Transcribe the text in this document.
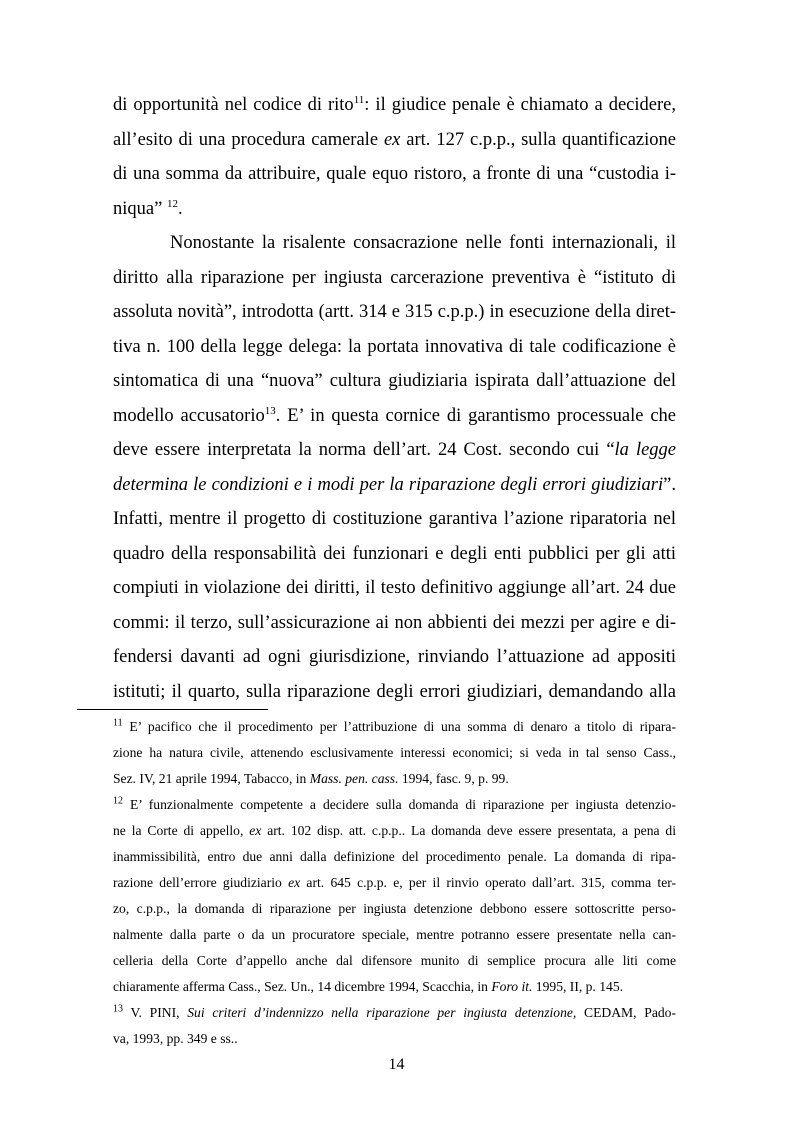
di opportunità nel codice di rito$^{11}$: il giudice penale è chiamato a decidere,
all’esito di una procedura camerale ex art. 127 c.p.p., sulla quantificazione
di una somma da attribuire, quale equo ristoro, a fronte di una “custodia i-
niqua” $^{12}$.
Nonostante la risalente consacrazione nelle fonti internazionali, il
diritto alla riparazione per ingiusta carcerazione preventiva è “istituto di
assoluta novità”, introdotta (artt. 314 e 315 c.p.p.) in esecuzione della diret-
tiva n. 100 della legge delega: la portata innovativa di tale codificazione è
sintomatica di una “nuova” cultura giudiziaria ispirata dall’attuazione del
modello accusatorio$^{13}$. E’ in questa cornice di garantismo processuale che
deve essere interpretata la norma dell’art. 24 Cost. secondo cui “la legge
determina le condizioni e i modi per la riparazione degli errori giudiziari”.
Infatti, mentre il progetto di costituzione garantiva l’azione riparatoria nel
quadro della responsabilità dei funzionari e degli enti pubblici per gli atti
compiuti in violazione dei diritti, il testo definitivo aggiunge all’art. 24 due
commi: il terzo, sull’assicurazione ai non abbienti dei mezzi per agire e di-
fendersi davanti ad ogni giurisdizione, rinviando l’attuazione ad appositi
istituti; il quarto, sulla riparazione degli errori giudiziari, demandando alla
$^{11}$ E’ pacifico che il procedimento per l’attribuzione di una somma di denaro a titolo di ripara-
zione ha natura civile, attenendo esclusivamente interessi economici; si veda in tal senso Cass.,
Sez. IV, 21 aprile 1994, Tabacco, in Mass. pen. cass. 1994, fasc. 9, p. 99.
$^{12}$ E’ funzionalmente competente a decidere sulla domanda di riparazione per ingiusta detenzio-
ne la Corte di appello, ex art. 102 disp. att. c.p.p.. La domanda deve essere presentata, a pena di
inammissibilità, entro due anni dalla definizione del procedimento penale. La domanda di ripa-
razione dell’errore giudiziario ex art. 645 c.p.p. e, per il rinvio operato dall’art. 315, comma ter-
zo, c.p.p., la domanda di riparazione per ingiusta detenzione debbono essere sottoscritte perso-
nalmente dalla parte o da un procuratore speciale, mentre potranno essere presentate nella can-
celleria della Corte d’appello anche dal difensore munito di semplice procura alle liti come
chiaramente afferma Cass., Sez. Un., 14 dicembre 1994, Scacchia, in Foro it. 1995, II, p. 145.
$^{13}$ V. PINI, Sui criteri d’indennizzo nella riparazione per ingiusta detenzione, CEDAM, Pado-
va, 1993, pp. 349 e ss..
14
